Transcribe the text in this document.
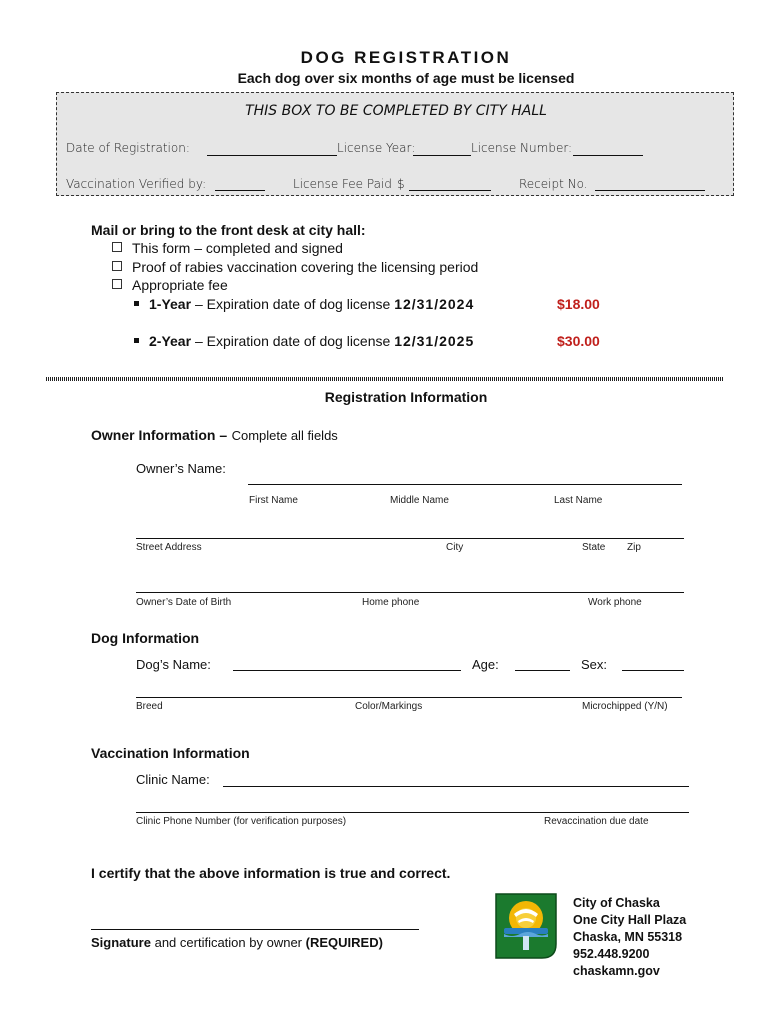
DOG REGISTRATION
Each dog over six months of age must be licensed
THIS BOX TO BE COMPLETED BY CITY HALL
Date of Registration:	License Year:	License Number:
Vaccination Verified by:	License Fee Paid $	Receipt No.
Mail or bring to the front desk at city hall:
This form – completed and signed
Proof of rabies vaccination covering the licensing period
Appropriate fee
1-Year – Expiration date of dog license 12/31/2024	$18.00
2-Year – Expiration date of dog license 12/31/2025	$30.00
Registration Information
Owner Information – Complete all fields
Owner’s Name:
First Name	Middle Name	Last Name
Street Address	City	State Zip
Owner’s Date of Birth	Home phone	Work phone
Dog Information
Dog’s Name:	Age:	Sex:
Breed	Color/Markings	Microchipped (Y/N)
Vaccination Information
Clinic Name:
Clinic Phone Number (for verification purposes)	Revaccination due date
I certify that the above information is true and correct.
Signature and certification by owner (REQUIRED)
City of Chaska
One City Hall Plaza
Chaska, MN 55318
952.448.9200
chaskamn.gov
